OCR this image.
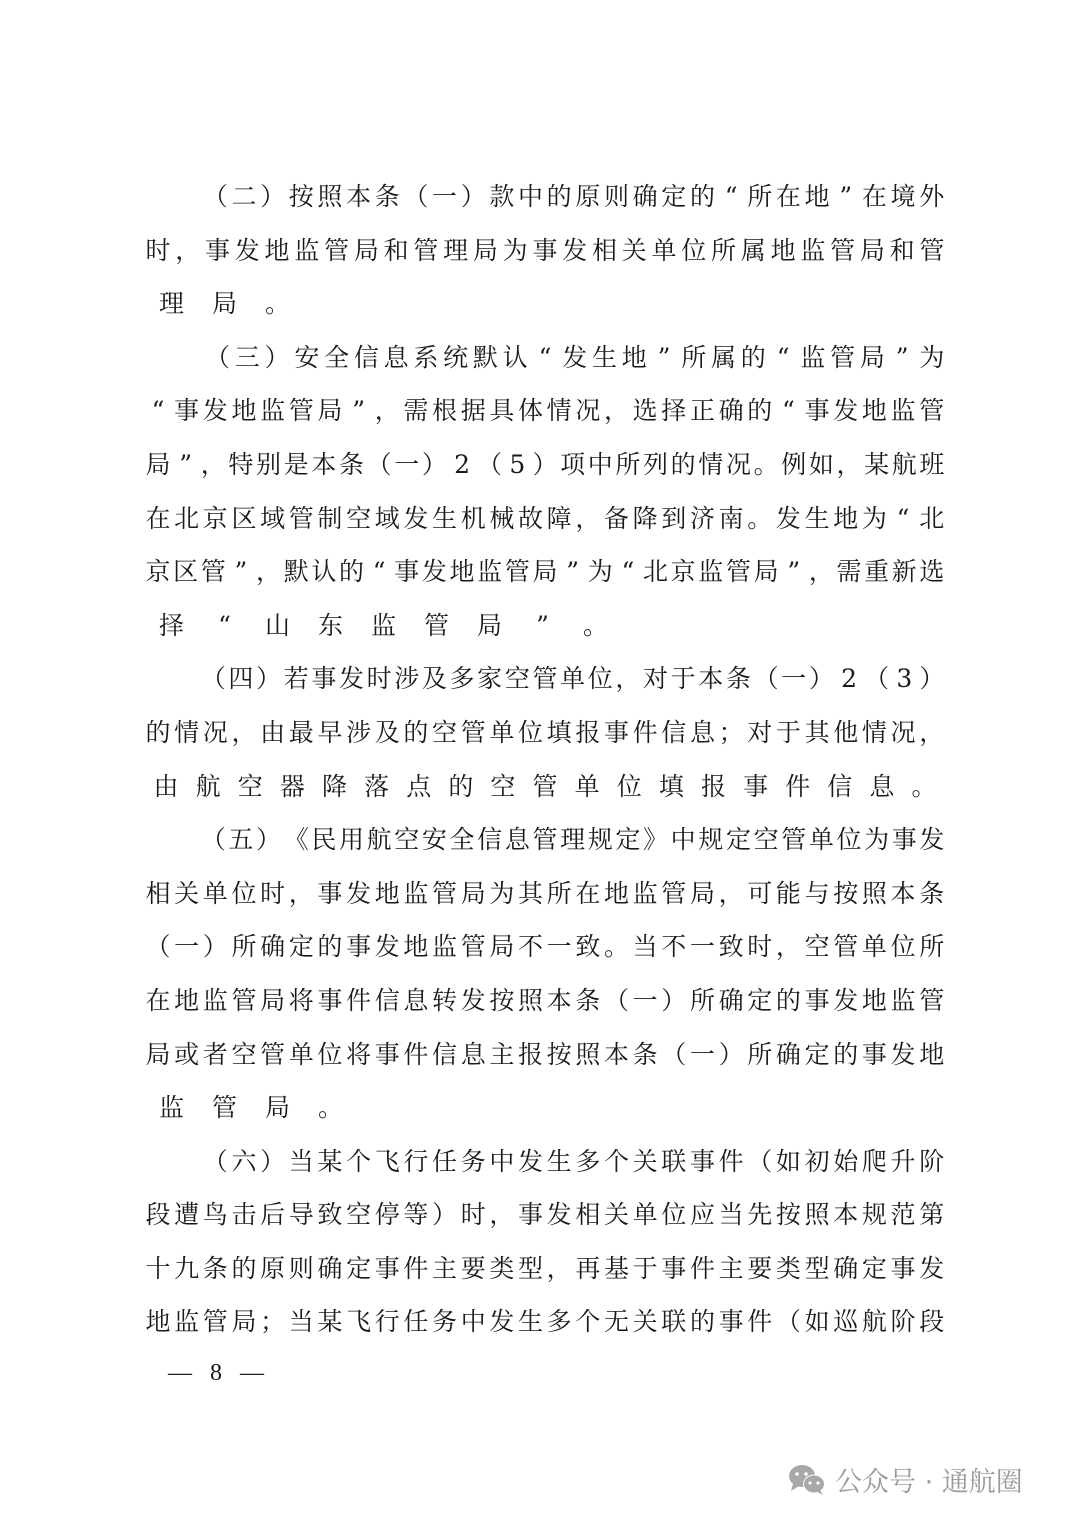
（ 二 ） 按 照 本 条 （ 一 ） 款 中 的 原 则 确 定 的 “ 所 在 地 ” 在 境 外
时 ， 事 发 地 监 管 局 和 管 理 局 为 事 发 相 关 单 位 所 属 地 监 管 局 和 管
理	局	。

（ 三 ） 安 全 信 息 系 统 默 认 “ 发 生 地 ” 所 属 的 “ 监 管 局 ” 为
“ 事 发 地 监 管 局 ” ， 需 根 据 具 体 情 况 ， 选 择 正 确 的 “ 事 发 地 监 管
局 ” ， 特 别 是 本 条 （ 一 ） 2 （ 5 ） 项 中 所 列 的 情 况 。 例 如 ， 某 航 班
在 北 京 区 域 管 制 空 域 发 生 机 械 故 障 ， 备 降 到 济 南 。 发 生 地 为 “ 北
京 区 管 ” ， 默 认 的 “ 事 发 地 监 管 局 ” 为 “ 北 京 监 管 局 ” ， 需 重 新 选
择	“	山	东	监	管	局	”	。

（ 四 ） 若 事 发 时 涉 及 多 家 空 管 单 位 ， 对 于 本 条 （ 一 ） 2 （ 3 ）
的 情 况 ， 由 最 早 涉 及 的 空 管 单 位 填 报 事 件 信 息 ； 对 于 其 他 情 况 ，
由 航 空 器 降 落 点 的 空 管 单 位 填 报 事 件 信 息 。

（ 五 ） 《 民 用 航 空 安 全 信 息 管 理 规 定 》 中 规 定 空 管 单 位 为 事 发
相 关 单 位 时 ， 事 发 地 监 管 局 为 其 所 在 地 监 管 局 ， 可 能 与 按 照 本 条
（ 一 ） 所 确 定 的 事 发 地 监 管 局 不 一 致 。 当 不 一 致 时 ， 空 管 单 位 所
在 地 监 管 局 将 事 件 信 息 转 发 按 照 本 条 （ 一 ） 所 确 定 的 事 发 地 监 管
局 或 者 空 管 单 位 将 事 件 信 息 主 报 按 照 本 条 （ 一 ） 所 确 定 的 事 发 地
监	管	局	。

（ 六 ） 当 某 个 飞 行 任 务 中 发 生 多 个 关 联 事 件 （ 如 初 始 爬 升 阶
段 遭 鸟 击 后 导 致 空 停 等 ） 时 ， 事 发 相 关 单 位 应 当 先 按 照 本 规 范 第
十 九 条 的 原 则 确 定 事 件 主 要 类 型 ， 再 基 于 事 件 主 要 类 型 确 定 事 发
地 监 管 局 ； 当 某 飞 行 任 务 中 发 生 多 个 无 关 联 的 事 件 （ 如 巡 航 阶 段
— 8 —
公众号 · 通航圈
